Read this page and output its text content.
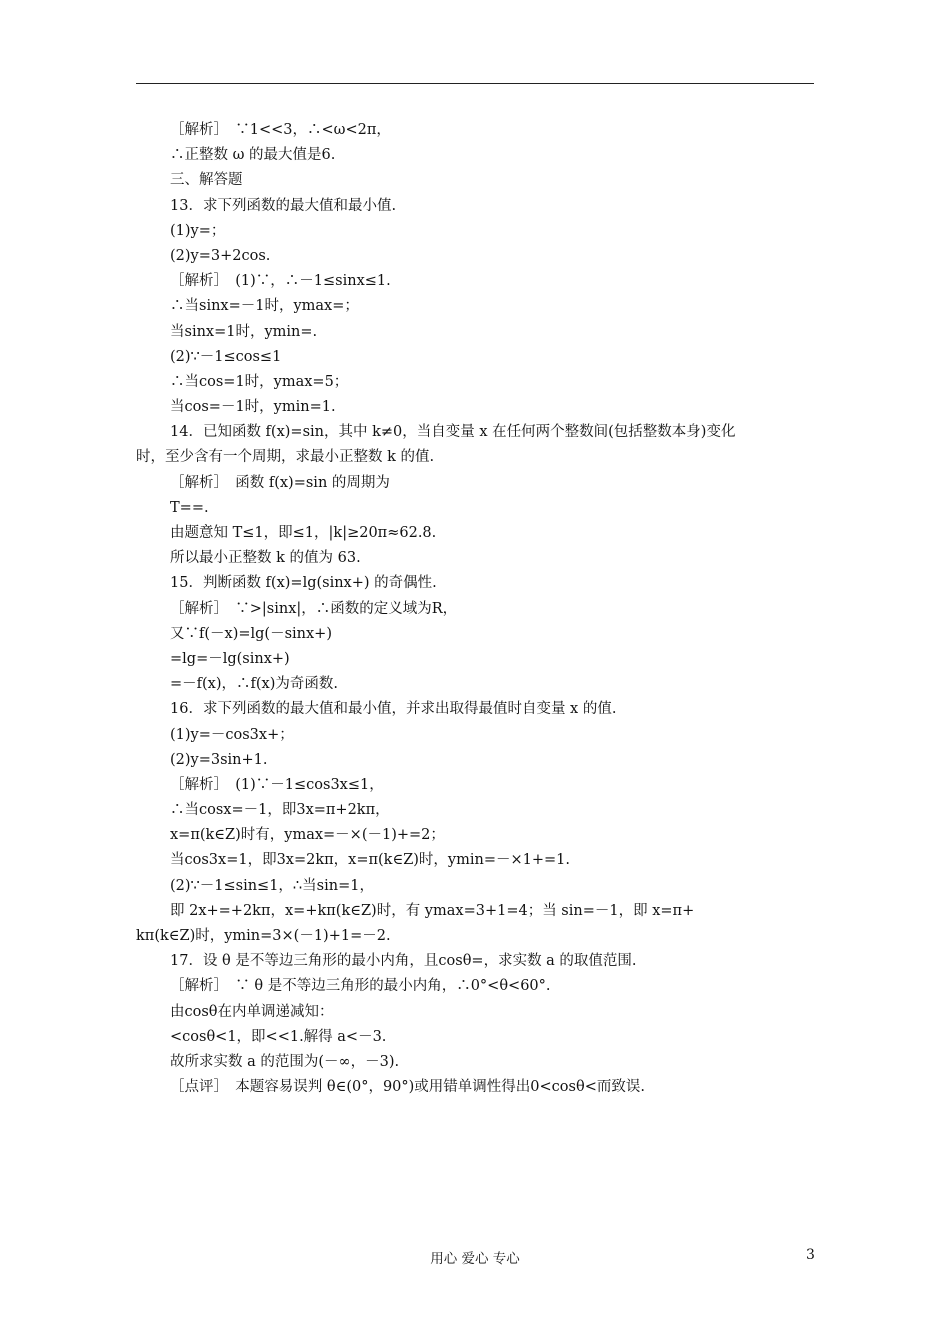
［解析］　∵1<<3，∴<ω<2π，
∴正整数 ω 的最大值是6.
三、解答题
13．求下列函数的最大值和最小值.
(1)y=；
(2)y=3+2cos.
［解析］　(1)∵，∴－1≤sinx≤1.
∴当sinx=－1时，ymax=；
当sinx=1时，ymin=.
(2)∵－1≤cos≤1
∴当cos=1时，ymax=5；
当cos=－1时，ymin=1.
14．已知函数 f(x)=sin，其中 k≠0，当自变量 x 在任何两个整数间(包括整数本身)变化
时，至少含有一个周期，求最小正整数 k 的值.
［解析］　函数 f(x)=sin 的周期为
T==.
由题意知 T≤1，即≤1，|k|≥20π≈62.8.
所以最小正整数 k 的值为 63.
15．判断函数 f(x)=lg(sinx+) 的奇偶性.
［解析］　∵>|sinx|，∴函数的定义域为R，
又∵f(－x)=lg(－sinx+)
=lg=－lg(sinx+)
=－f(x)，∴f(x)为奇函数.
16．求下列函数的最大值和最小值，并求出取得最值时自变量 x 的值.
(1)y=－cos3x+；
(2)y=3sin+1.
［解析］　(1)∵－1≤cos3x≤1，
∴当cosx=－1，即3x=π+2kπ，
x=π(k∈Z)时有，ymax=－×(－1)+=2；
当cos3x=1，即3x=2kπ，x=π(k∈Z)时，ymin=－×1+=1.
(2)∵－1≤sin≤1，∴当sin=1，
即 2x+=+2kπ，x=+kπ(k∈Z)时，有 ymax=3+1=4；当 sin=－1，即 x=π+
kπ(k∈Z)时，ymin=3×(－1)+1=－2.
17．设 θ 是不等边三角形的最小内角，且cosθ=，求实数 a 的取值范围.
［解析］　∵ θ 是不等边三角形的最小内角，∴0°<θ<60°.
由cosθ在内单调递减知：
<cosθ<1，即<<1.解得 a<－3.
故所求实数 a 的范围为(－∞，－3).
［点评］　本题容易误判 θ∈(0°，90°)或用错单调性得出0<cosθ<而致误.
用心 爱心 专心	3
